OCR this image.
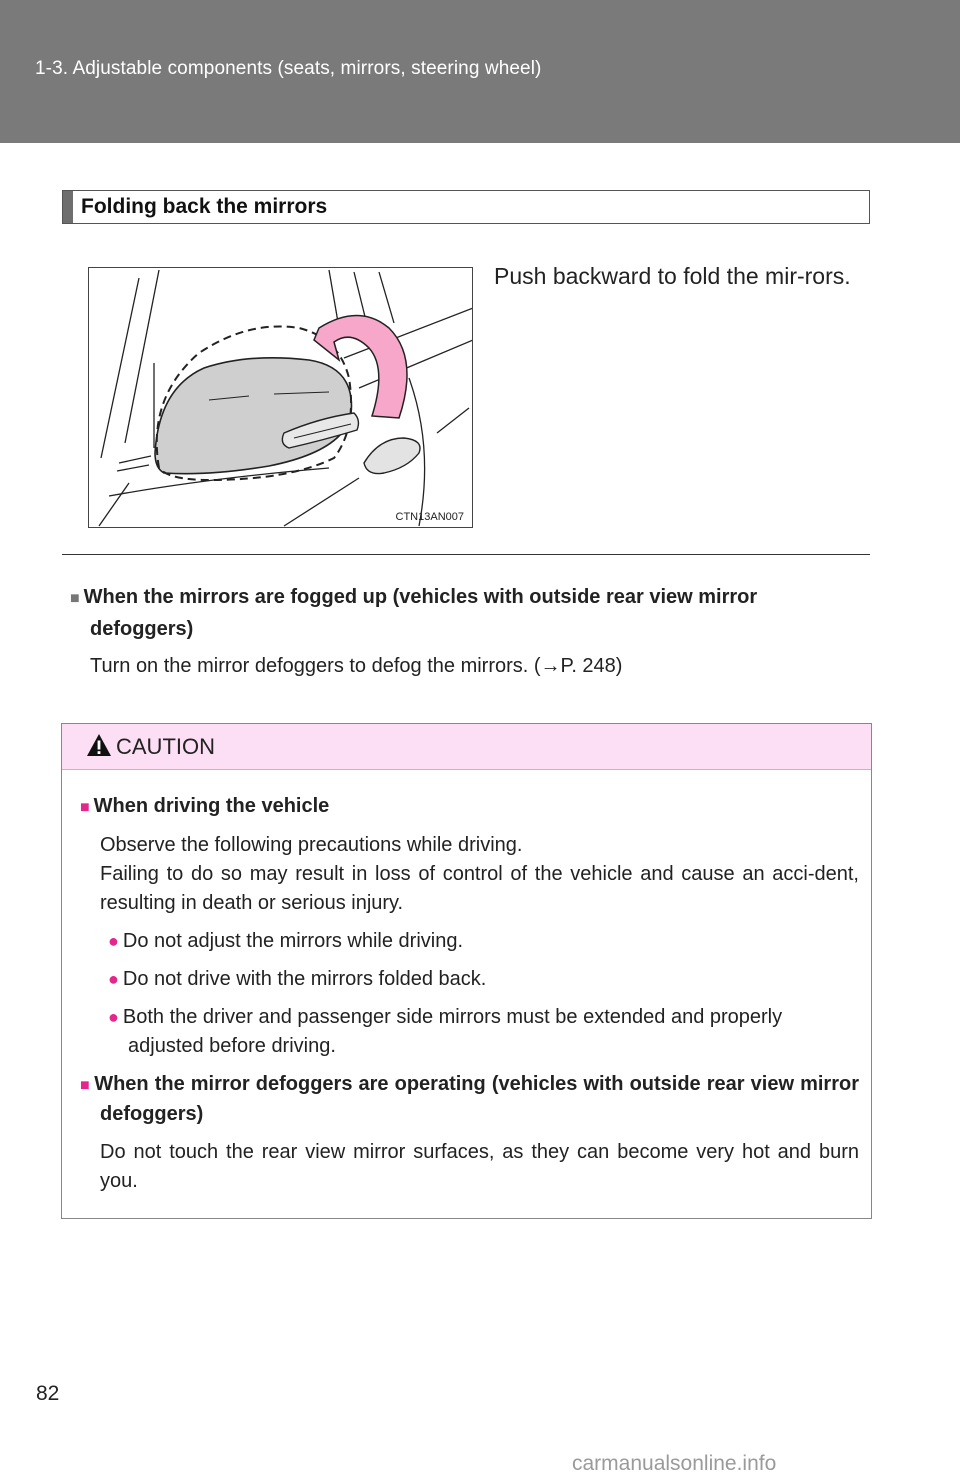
1-3. Adjustable components (seats, mirrors, steering wheel)
Folding back the mirrors
CTN13AN007
Push backward to fold the mir-rors.
■ When the mirrors are fogged up (vehicles with outside rear view mirror defoggers)
Turn on the mirror defoggers to defog the mirrors. (→P. 248)
CAUTION
■ When driving the vehicle
Observe the following precautions while driving.
Failing to do so may result in loss of control of the vehicle and cause an acci-dent, resulting in death or serious injury.
● Do not adjust the mirrors while driving.
● Do not drive with the mirrors folded back.
● Both the driver and passenger side mirrors must be extended and properly adjusted before driving.
■ When the mirror defoggers are operating (vehicles with outside rear view mirror defoggers)
Do not touch the rear view mirror surfaces, as they can become very hot and burn you.
82
carmanualsonline.info
